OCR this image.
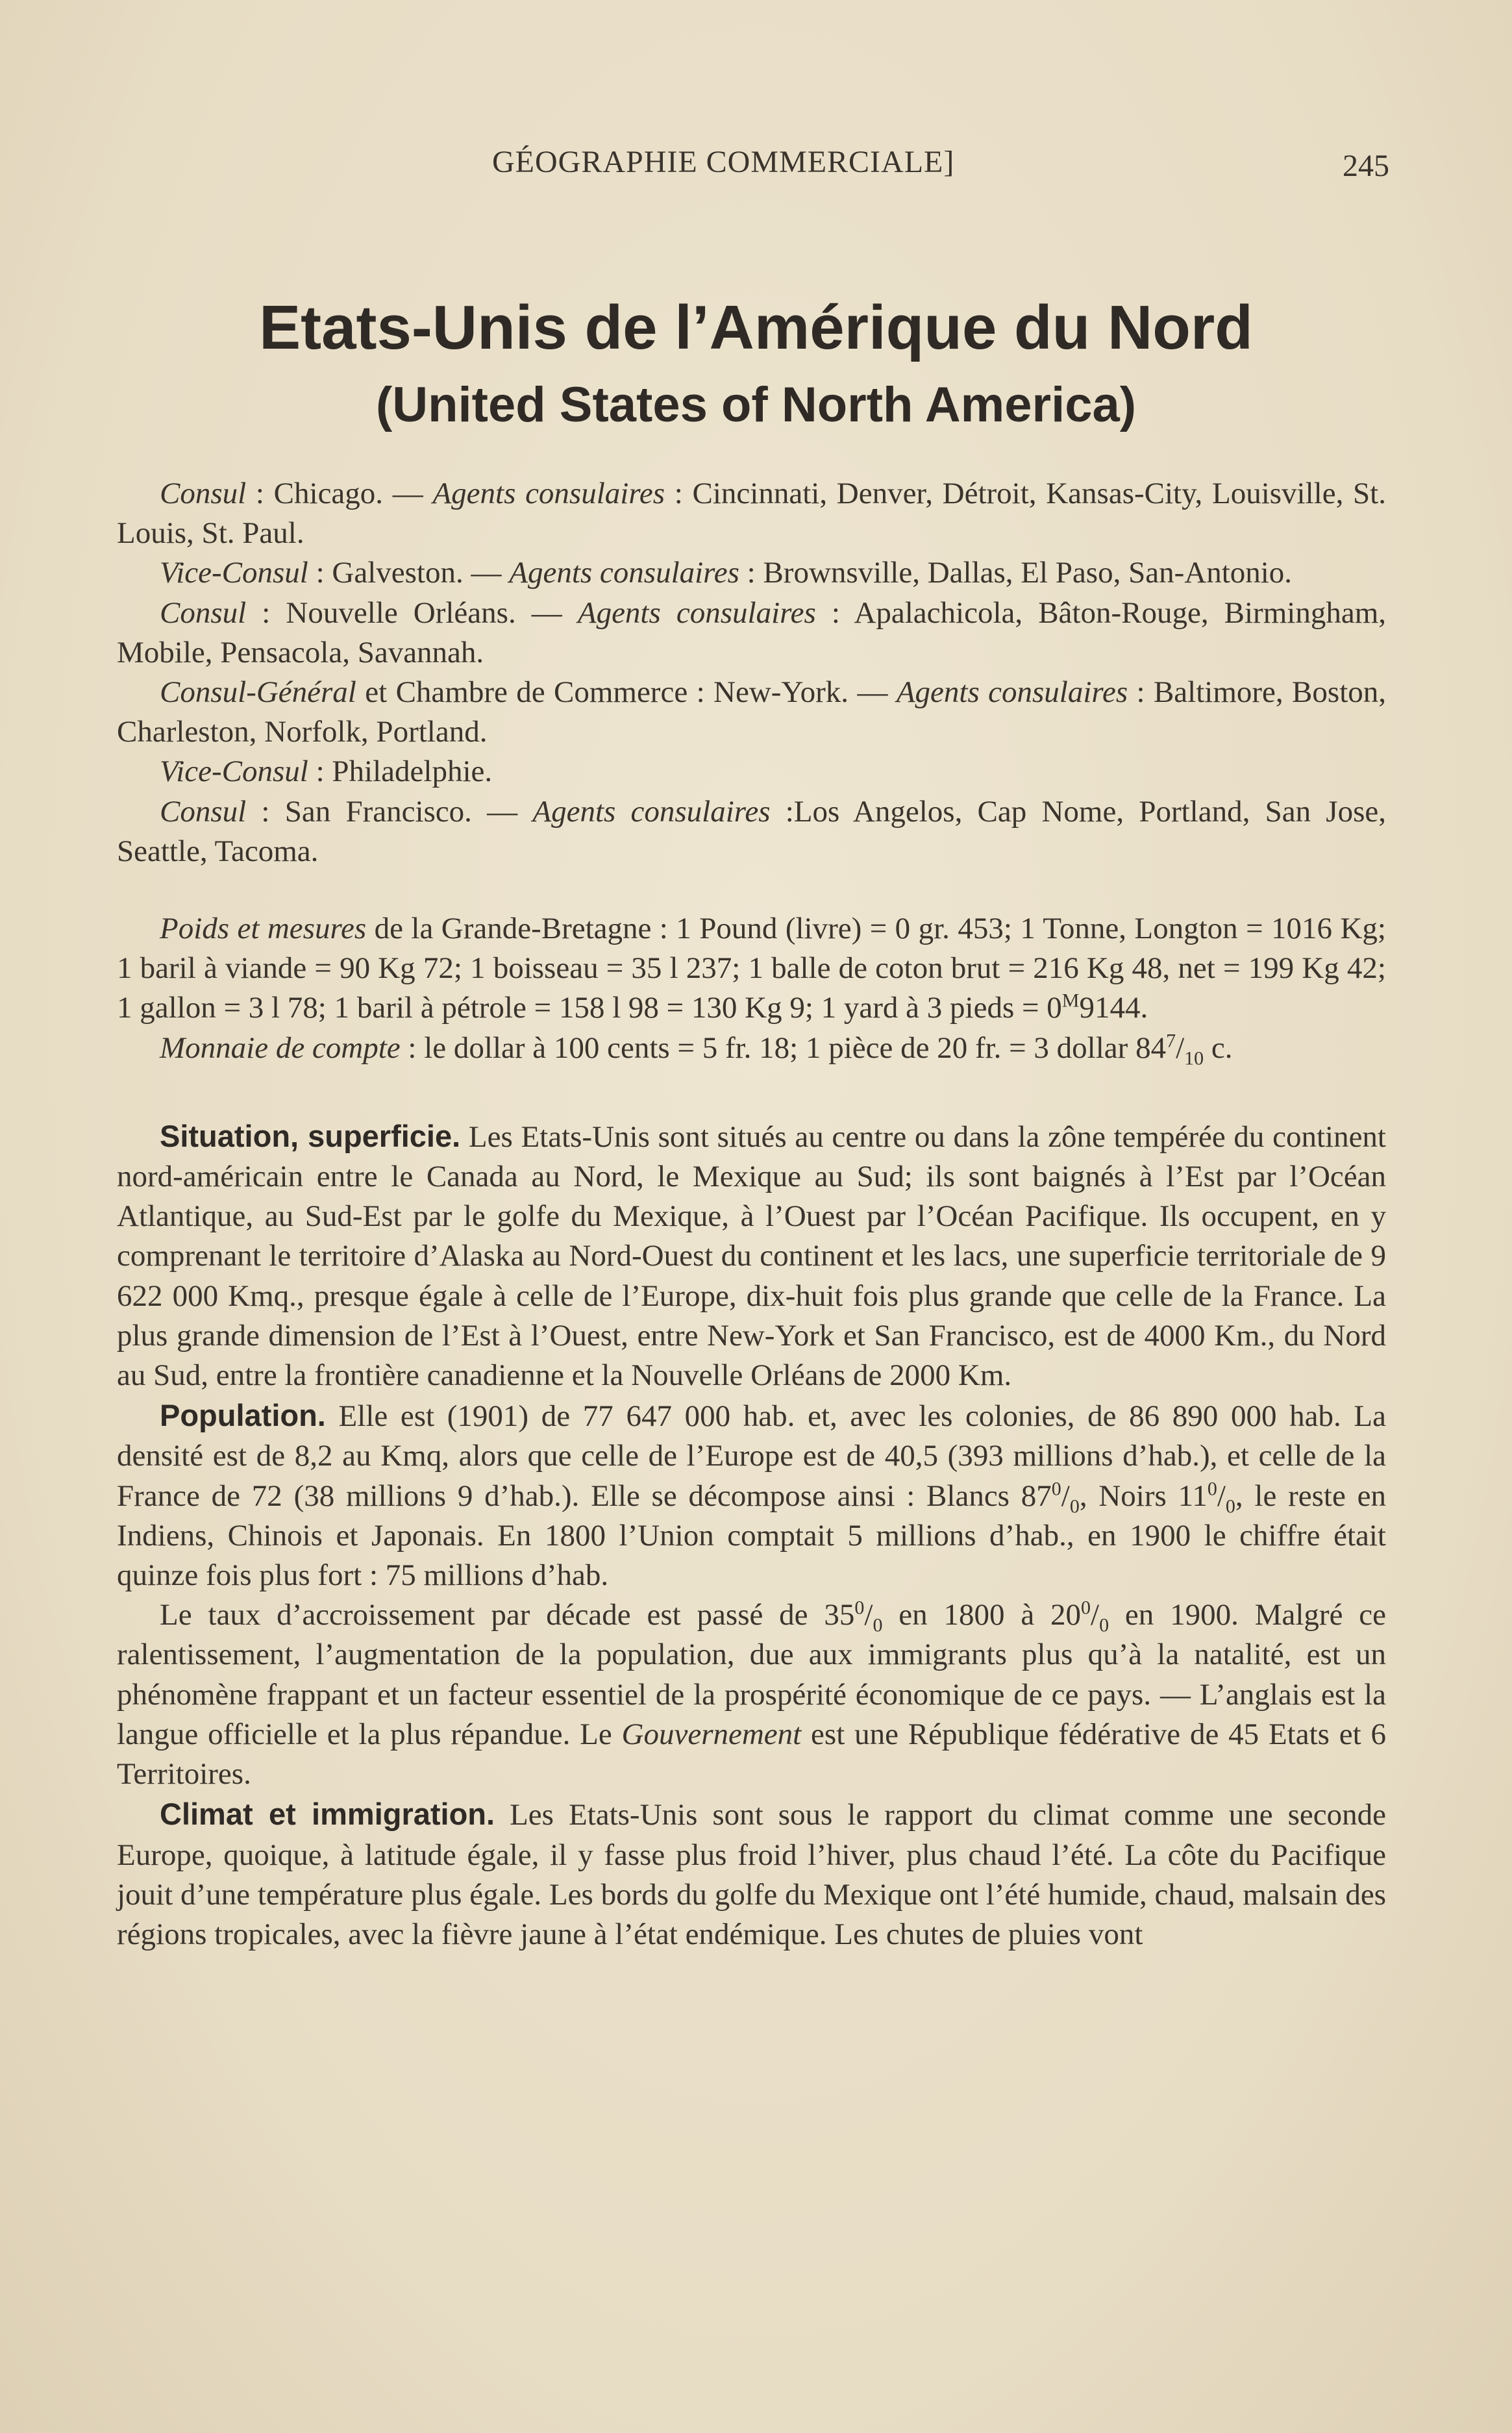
GÉOGRAPHIE COMMERCIALE]	245
Etats-Unis de l’Amérique du Nord
(United States of North America)

Consul : Chicago. — Agents consulaires : Cincinnati, Denver, Détroit, Kansas-City, Louisville, St. Louis, St. Paul.

Vice-Consul : Galveston. — Agents consulaires : Brownsville, Dallas, El Paso, San-Antonio.

Consul : Nouvelle Orléans. — Agents consulaires : Apalachicola, Bâton-Rouge, Birmingham, Mobile, Pensacola, Savannah.

Consul-Général et Chambre de Commerce : New-York. — Agents consulaires : Baltimore, Boston, Charleston, Norfolk, Portland.

Vice-Consul : Philadelphie.

Consul : San Francisco. — Agents consulaires :Los Angelos, Cap Nome, Portland, San Jose, Seattle, Tacoma.

Poids et mesures de la Grande-Bretagne : 1 Pound (livre) = 0 gr. 453; 1 Tonne, Longton = 1016 Kg; 1 baril à viande = 90 Kg 72; 1 boisseau = 35 l 237; 1 balle de coton brut = 216 Kg 48, net = 199 Kg 42; 1 gallon = 3 l 78; 1 baril à pétrole = 158 l 98 = 130 Kg 9; 1 yard à 3 pieds = $0^M9144$.

Monnaie de compte : le dollar à 100 cents = 5 fr. 18; 1 pièce de 20 fr. = 3 dollar $84^7/_{10}$ c.

Situation, superficie. Les Etats-Unis sont situés au centre ou dans la zône tempérée du continent nord-américain entre le Canada au Nord, le Mexique au Sud; ils sont baignés à l’Est par l’Océan Atlantique, au Sud-Est par le golfe du Mexique, à l’Ouest par l’Océan Pacifique. Ils occupent, en y comprenant le territoire d’Alaska au Nord-Ouest du continent et les lacs, une superficie territoriale de 9 622 000 Kmq., presque égale à celle de l’Europe, dix-huit fois plus grande que celle de la France. La plus grande dimension de l’Est à l’Ouest, entre New-York et San Francisco, est de 4000 Km., du Nord au Sud, entre la frontière canadienne et la Nouvelle Orléans de 2000 Km.

Population. Elle est (1901) de 77 647 000 hab. et, avec les colonies, de 86 890 000 hab. La densité est de 8,2 au Kmq, alors que celle de l’Europe est de 40,5 (393 millions d’hab.), et celle de la France de 72 (38 millions 9 d’hab.). Elle se décompose ainsi : Blancs $87^0/_0$, Noirs $11^0/_0$, le reste en Indiens, Chinois et Japonais. En 1800 l’Union comptait 5 millions d’hab., en 1900 le chiffre était quinze fois plus fort : 75 millions d’hab.

Le taux d’accroissement par décade est passé de $35^0/_0$ en 1800 à $20^0/_0$ en 1900. Malgré ce ralentissement, l’augmentation de la population, due aux immigrants plus qu’à la natalité, est un phénomène frappant et un facteur essentiel de la prospérité économique de ce pays. — L’anglais est la langue officielle et la plus répandue. Le Gouvernement est une République fédérative de 45 Etats et 6 Territoires.

Climat et immigration. Les Etats-Unis sont sous le rapport du climat comme une seconde Europe, quoique, à latitude égale, il y fasse plus froid l’hiver, plus chaud l’été. La côte du Pacifique jouit d’une température plus égale. Les bords du golfe du Mexique ont l’été humide, chaud, malsain des régions tropicales, avec la fièvre jaune à l’état endémique. Les chutes de pluies vont
